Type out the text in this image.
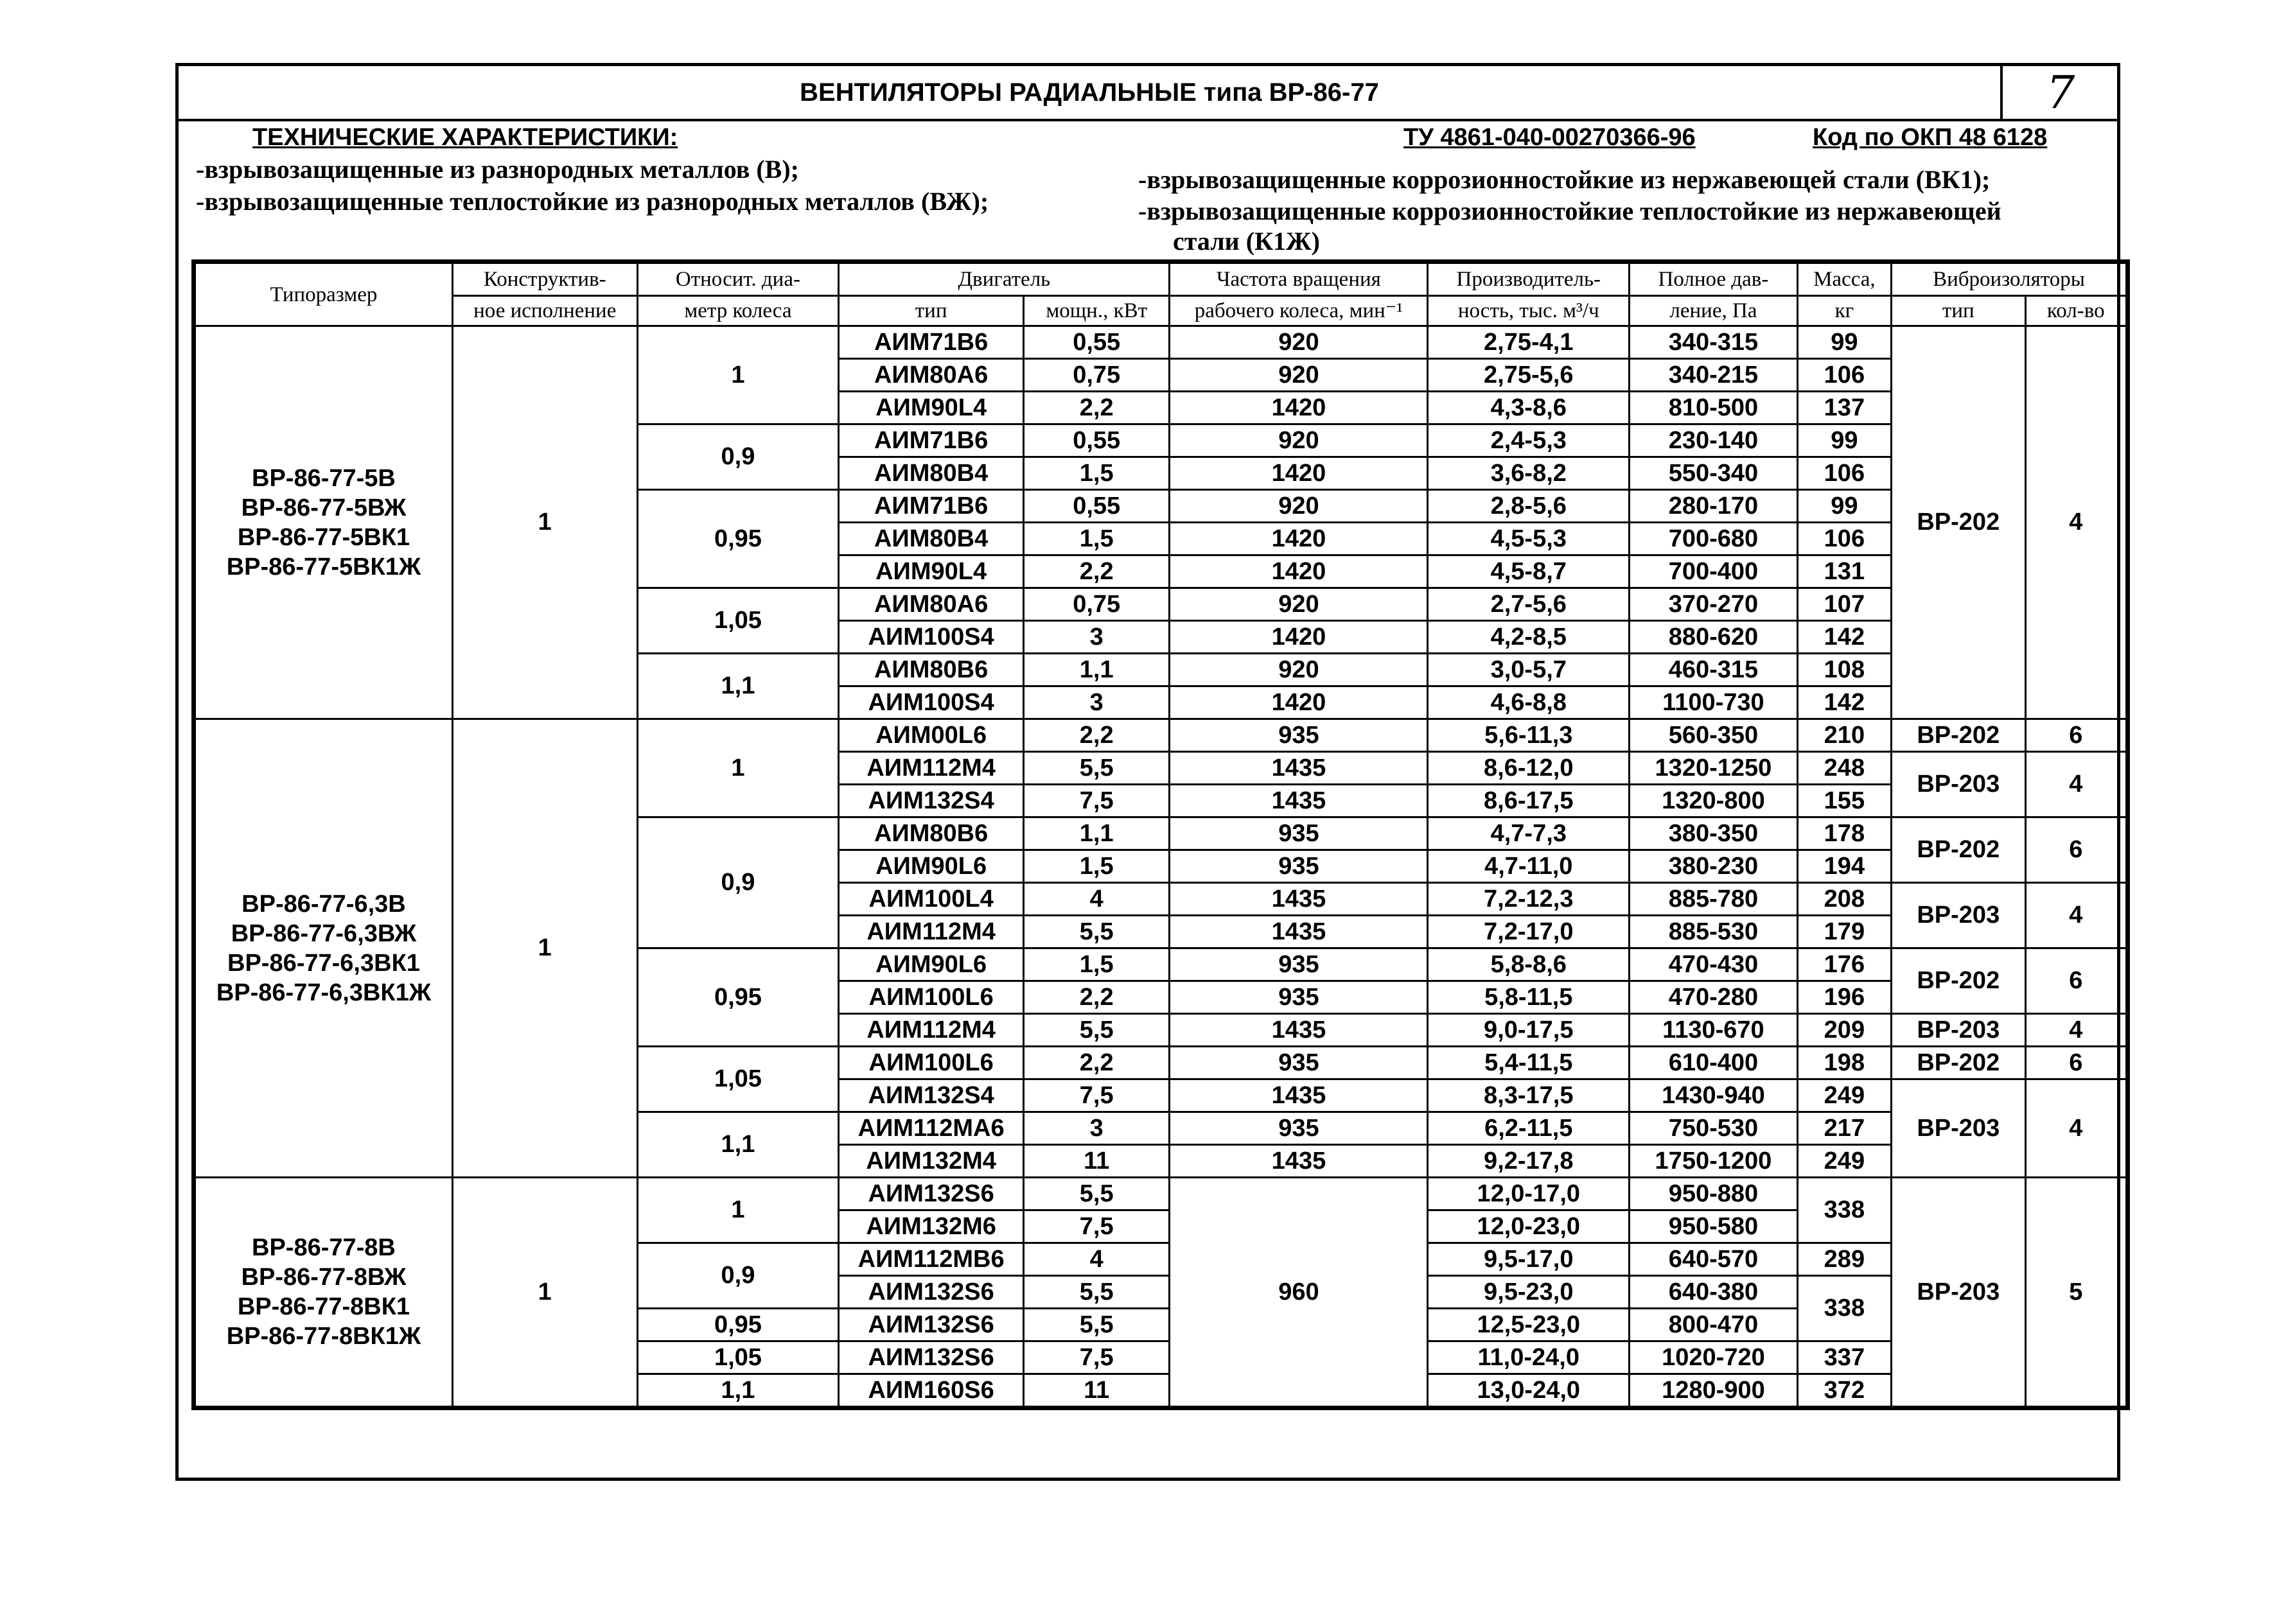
ВЕНТИЛЯТОРЫ РАДИАЛЬНЫЕ типа ВР-86-77	7
ТЕХНИЧЕСКИЕ ХАРАКТЕРИСТИКИ:	ТУ 4861-040-00270366-96	Код по ОКП 48 6128
-взрывозащищенные из разнородных металлов (В);
-взрывозащищенные теплостойкие из разнородных металлов (ВЖ);
-взрывозащищенные коррозионностойкие из нержавеющей стали (ВК1);
-взрывозащищенные коррозионностойкие теплостойкие из нержавеющей
стали (К1Ж)
Типоразмер	Конструктив-	Относит. диа-	Двигатель		Частота вращения	Производитель-	Полное дав-	Масса,	Виброизоляторы	
	ное исполнение	метр колеса	тип	мощн., кВт	рабочего колеса, мин⁻¹	ность, тыс. м³/ч	ление, Па	кг	тип	кол-во

ВР-86-77-5В
ВР-86-77-5ВЖ
ВР-86-77-5ВК1
ВР-86-77-5ВК1Ж	1	1	АИМ71В6	0,55	920	2,75-4,1	340-315	99	ВР-202	4
			АИМ80А6	0,75	920	2,75-5,6	340-215	106		
			АИМ90L4	2,2	1420	4,3-8,6	810-500	137		
		0,9	АИМ71В6	0,55	920	2,4-5,3	230-140	99		
			АИМ80В4	1,5	1420	3,6-8,2	550-340	106		
		0,95	АИМ71В6	0,55	920	2,8-5,6	280-170	99		
			АИМ80В4	1,5	1420	4,5-5,3	700-680	106		
			АИМ90L4	2,2	1420	4,5-8,7	700-400	131		
		1,05	АИМ80А6	0,75	920	2,7-5,6	370-270	107		
			АИМ100S4	3	1420	4,2-8,5	880-620	142		
		1,1	АИМ80В6	1,1	920	3,0-5,7	460-315	108		
			АИМ100S4	3	1420	4,6-8,8	1100-730	142		

ВР-86-77-6,3В
ВР-86-77-6,3ВЖ
ВР-86-77-6,3ВК1
ВР-86-77-6,3ВК1Ж	1	1	АИМ00L6	2,2	935	5,6-11,3	560-350	210	ВР-202	6
			АИМ112М4	5,5	1435	8,6-12,0	1320-1250	248	ВР-203	4
			АИМ132S4	7,5	1435	8,6-17,5	1320-800	155		
		0,9	АИМ80В6	1,1	935	4,7-7,3	380-350	178	ВР-202	6
			АИМ90L6	1,5	935	4,7-11,0	380-230	194		
			АИМ100L4	4	1435	7,2-12,3	885-780	208	ВР-203	4
			АИМ112М4	5,5	1435	7,2-17,0	885-530	179		
		0,95	АИМ90L6	1,5	935	5,8-8,6	470-430	176	ВР-202	6
			АИМ100L6	2,2	935	5,8-11,5	470-280	196		
			АИМ112М4	5,5	1435	9,0-17,5	1130-670	209	ВР-203	4
		1,05	АИМ100L6	2,2	935	5,4-11,5	610-400	198	ВР-202	6
			АИМ132S4	7,5	1435	8,3-17,5	1430-940	249	ВР-203	4
		1,1	АИМ112МА6	3	935	6,2-11,5	750-530	217		
			АИМ132М4	11	1435	9,2-17,8	1750-1200	249		

ВР-86-77-8В
ВР-86-77-8ВЖ
ВР-86-77-8ВК1
ВР-86-77-8ВК1Ж	1	1	АИМ132S6	5,5	960	12,0-17,0	950-880	338	ВР-203	5
			АИМ132М6	7,5		12,0-23,0	950-580			
		0,9	АИМ112МВ6	4		9,5-17,0	640-570	289		
			АИМ132S6	5,5		9,5-23,0	640-380	338		
		0,95	АИМ132S6	5,5		12,5-23,0	800-470			
		1,05	АИМ132S6	7,5		11,0-24,0	1020-720	337		
		1,1	АИМ160S6	11		13,0-24,0	1280-900	372		
